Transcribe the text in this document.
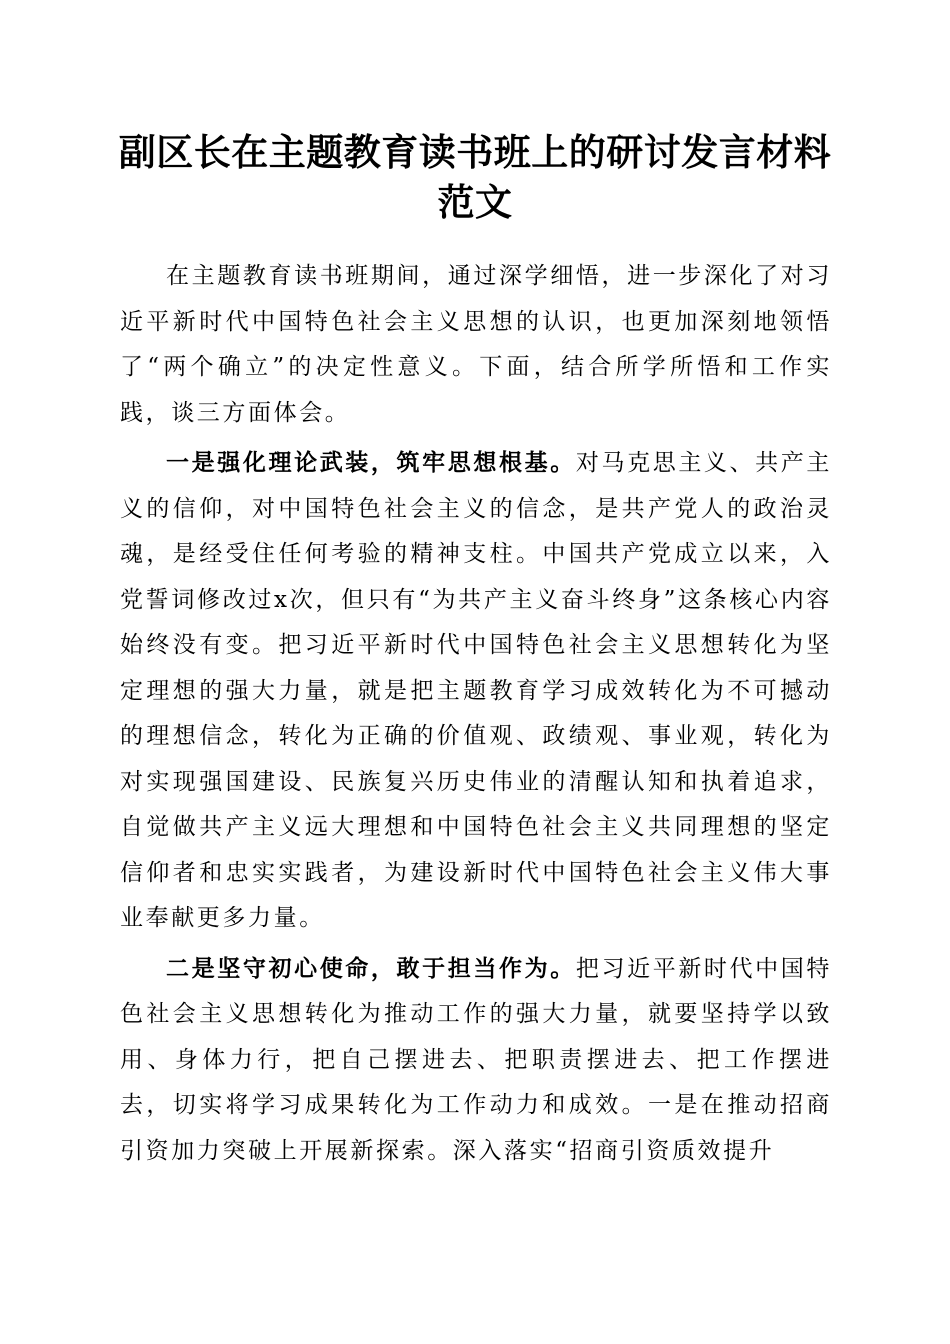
副区长在主题教育读书班上的研讨发言材料范文

在主题教育读书班期间，通过深学细悟，进一步深化了对习近平新时代中国特色社会主义思想的认识，也更加深刻地领悟了“两个确立”的决定性意义。下面，结合所学所悟和工作实践，谈三方面体会。

一是强化理论武装，筑牢思想根基。对马克思主义、共产主义的信仰，对中国特色社会主义的信念，是共产党人的政治灵魂，是经受住任何考验的精神支柱。中国共产党成立以来，入党誓词修改过x次，但只有“为共产主义奋斗终身”这条核心内容始终没有变。把习近平新时代中国特色社会主义思想转化为坚定理想的强大力量，就是把主题教育学习成效转化为不可撼动的理想信念，转化为正确的价值观、政绩观、事业观，转化为对实现强国建设、民族复兴历史伟业的清醒认知和执着追求，自觉做共产主义远大理想和中国特色社会主义共同理想的坚定信仰者和忠实实践者，为建设新时代中国特色社会主义伟大事业奉献更多力量。

二是坚守初心使命，敢于担当作为。把习近平新时代中国特色社会主义思想转化为推动工作的强大力量，就要坚持学以致用、身体力行，把自己摆进去、把职责摆进去、把工作摆进去，切实将学习成果转化为工作动力和成效。一是在推动招商引资加力突破上开展新探索。深入落实“招商引资质效提升
